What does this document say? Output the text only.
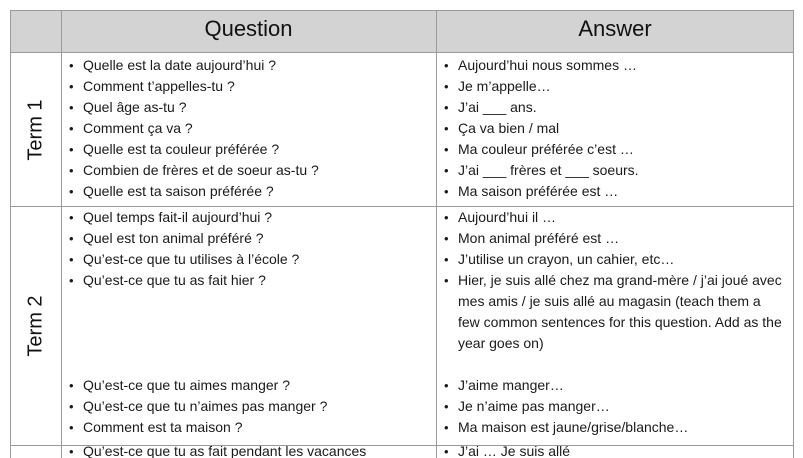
Question	Answer
Term 1
• Quelle est la date aujourd’hui ?
• Comment t’appelles-tu ?
• Quel âge as-tu ?
• Comment ça va ?
• Quelle est ta couleur préférée ?
• Combien de frères et de soeur as-tu ?
• Quelle est ta saison préférée ?
• Aujourd’hui nous sommes …
• Je m’appelle…
• J’ai ___ ans.
• Ça va bien / mal
• Ma couleur préférée c’est …
• J’ai ___ frères et ___ soeurs.
• Ma saison préférée est …
Term 2
• Quel temps fait-il aujourd’hui ?
• Quel est ton animal préféré ?
• Qu’est-ce que tu utilises à l’école ?
• Qu’est-ce que tu as fait hier ?
• Qu’est-ce que tu aimes manger ?
• Qu’est-ce que tu n’aimes pas manger ?
• Comment est ta maison ?
• Aujourd’hui il …
• Mon animal préféré est …
• J’utilise un crayon, un cahier, etc…
• Hier, je suis allé chez ma grand-mère / j’ai joué avec mes amis / je suis allé au magasin (teach them a few common sentences for this question. Add as the year goes on)
• J’aime manger…
• Je n’aime pas manger…
• Ma maison est jaune/grise/blanche…
• Qu’est-ce que tu as fait pendant les vacances
•	J’ai … Je suis allé
